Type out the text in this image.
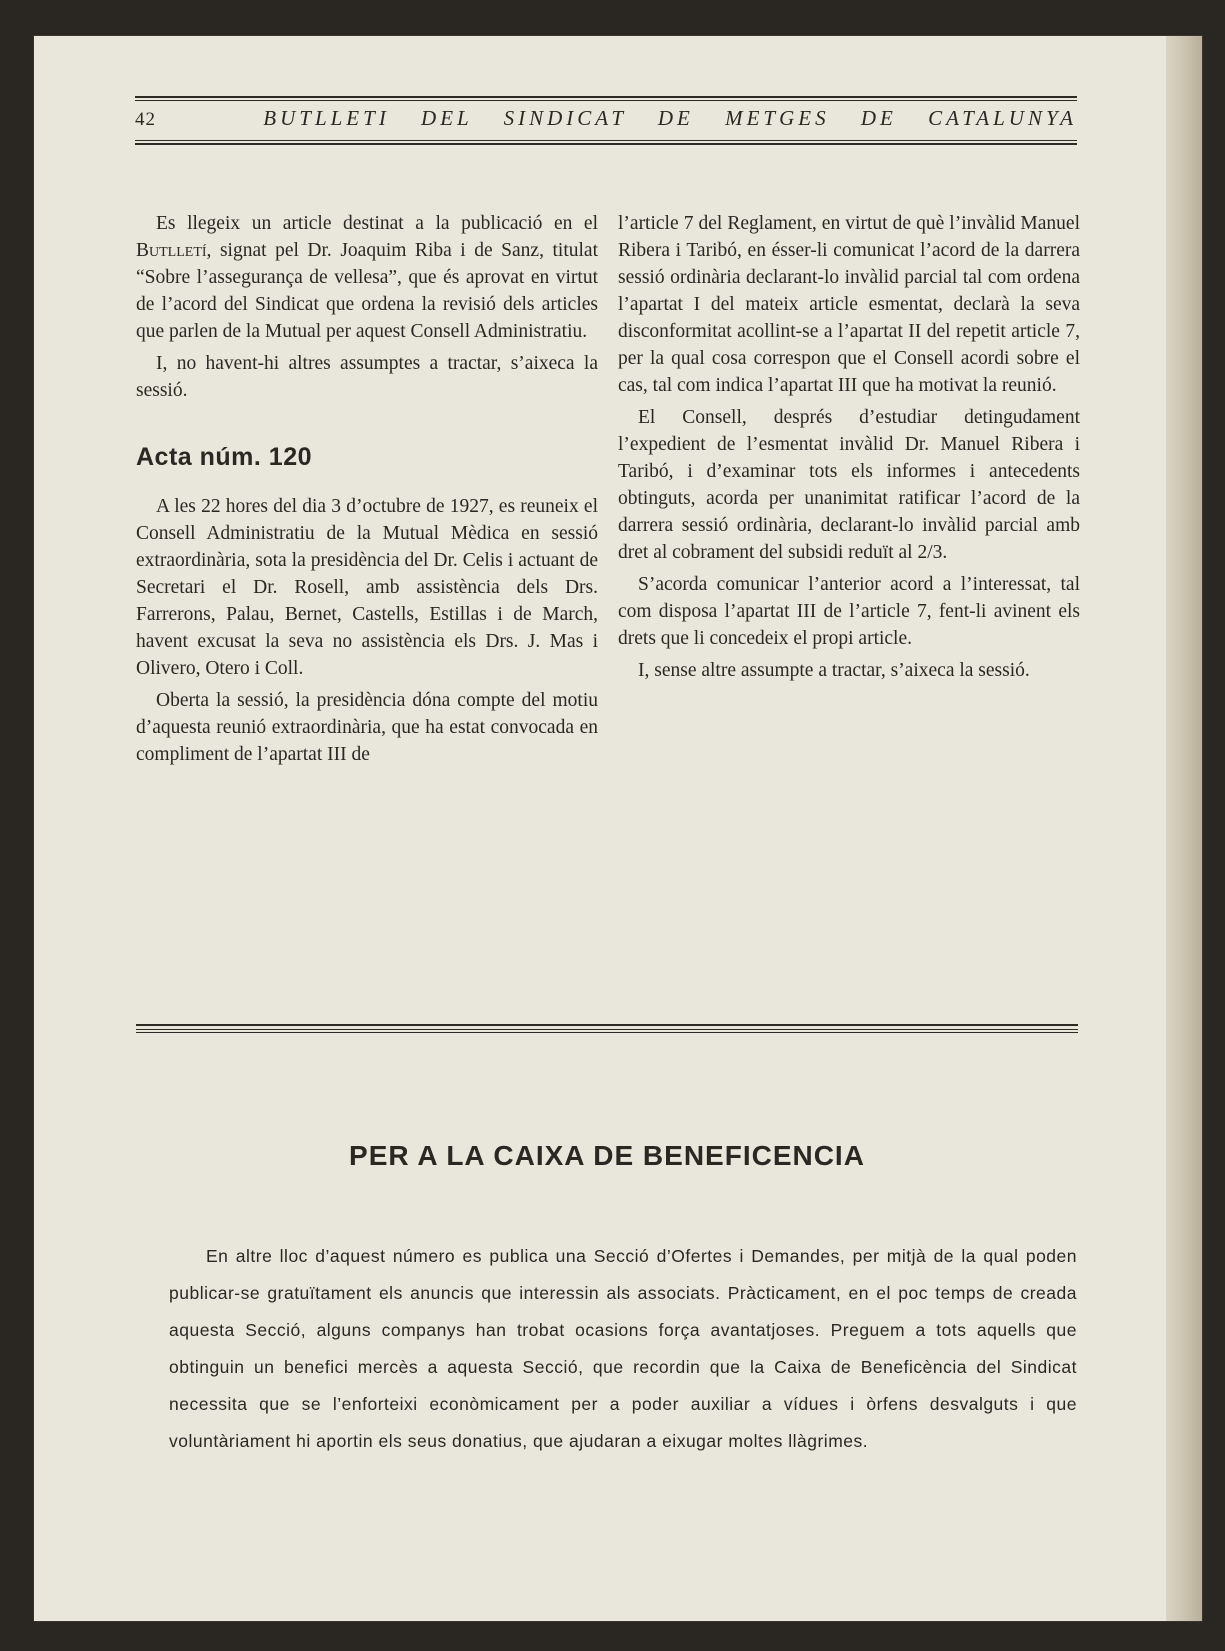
42	BUTLLETI DEL SINDICAT DE METGES DE CATALUNYA

Es llegeix un article destinat a la publicació en el Butlletí, signat pel Dr. Joaquim Riba i de Sanz, titulat “Sobre l’assegurança de vellesa”, que és aprovat en virtut de l’acord del Sindicat que ordena la revisió dels articles que parlen de la Mutual per aquest Consell Administratiu.

I, no havent-hi altres assumptes a tractar, s’aixeca la sessió.

Acta núm. 120

A les 22 hores del dia 3 d’octubre de 1927, es reuneix el Consell Administratiu de la Mutual Mèdica en sessió extraordinària, sota la presidència del Dr. Celis i actuant de Secretari el Dr. Rosell, amb assistència dels Drs. Farrerons, Palau, Bernet, Castells, Estillas i de March, havent excusat la seva no assistència els Drs. J. Mas i Olivero, Otero i Coll.

Oberta la sessió, la presidència dóna compte del motiu d’aquesta reunió extraordinària, que ha estat convocada en compliment de l’apartat III de

l’article 7 del Reglament, en virtut de què l’invàlid Manuel Ribera i Taribó, en ésser-li comunicat l’acord de la darrera sessió ordinària declarant-lo invàlid parcial tal com ordena l’apartat I del mateix article esmentat, declarà la seva disconformitat acollint-se a l’apartat II del repetit article 7, per la qual cosa correspon que el Consell acordi sobre el cas, tal com indica l’apartat III que ha motivat la reunió.

El Consell, després d’estudiar detingudament l’expedient de l’esmentat invàlid Dr. Manuel Ribera i Taribó, i d’examinar tots els informes i antecedents obtinguts, acorda per unanimitat ratificar l’acord de la darrera sessió ordinària, declarant-lo invàlid parcial amb dret al cobrament del subsidi reduït al 2/3.

S’acorda comunicar l’anterior acord a l’interessat, tal com disposa l’apartat III de l’article 7, fent-li avinent els drets que li concedeix el propi article.

I, sense altre assumpte a tractar, s’aixeca la sessió.

PER A LA CAIXA DE BENEFICENCIA

En altre lloc d’aquest número es publica una Secció d’Ofertes i Demandes, per mitjà de la qual poden publicar-se gratuïtament els anuncis que interessin als associats. Pràcticament, en el poc temps de creada aquesta Secció, alguns companys han trobat ocasions força avantatjoses. Preguem a tots aquells que obtinguin un benefici mercès a aquesta Secció, que recordin que la Caixa de Beneficència del Sindicat necessita que se l’enforteixi econòmicament per a poder auxiliar a vídues i òrfens desvalguts i que voluntàriament hi aportin els seus donatius, que ajudaran a eixugar moltes llàgrimes.
